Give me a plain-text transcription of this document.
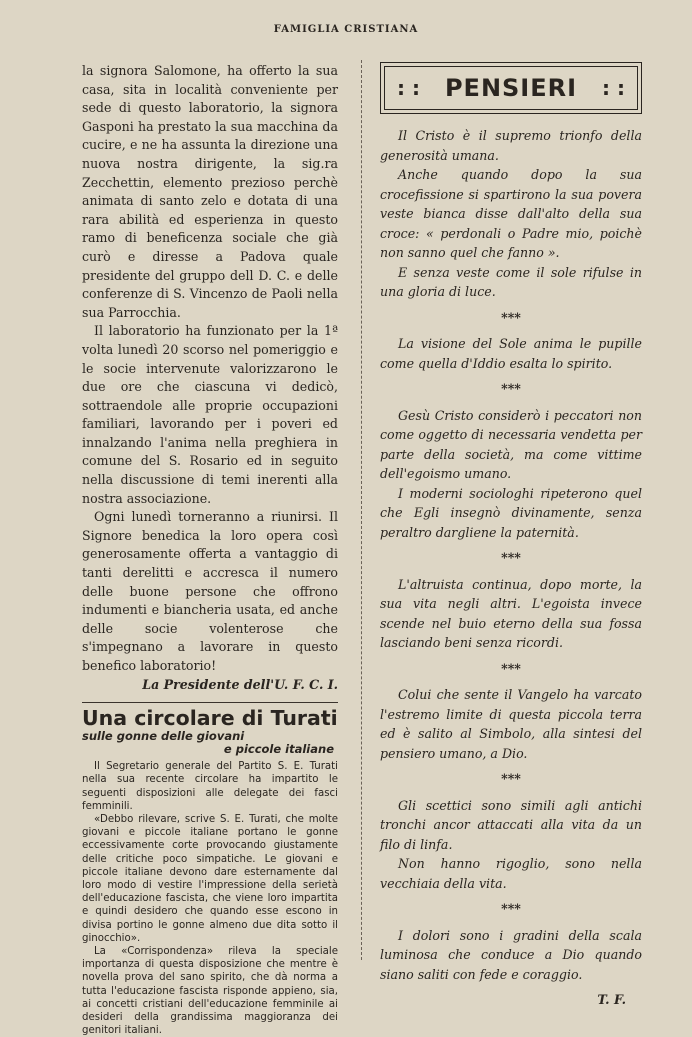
FAMIGLIA CRISTIANA

la signora Salomone, ha offerto la sua casa, sita in località conveniente per sede di questo laboratorio, la signora Gasponi ha prestato la sua macchina da cucire, e ne ha assunta la direzione una nuova nostra dirigente, la sig.ra Zecchettin, elemento prezioso perchè animata di santo zelo e dotata di una rara abilità ed esperienza in questo ramo di beneficenza sociale che già curò e diresse a Padova quale presidente del gruppo dell D. C. e delle conferenze di S. Vincenzo de Paoli nella sua Parrocchia.

Il laboratorio ha funzionato per la 1ª volta lunedì 20 scorso nel pomeriggio e le socie intervenute valorizzarono le due ore che ciascuna vi dedicò, sottraendole alle proprie occupazioni familiari, lavorando per i poveri ed innalzando l'anima nella preghiera in comune del S. Rosario ed in seguito nella discussione di temi inerenti alla nostra associazione.

Ogni lunedì torneranno a riunirsi. Il Signore benedica la loro opera così generosamente offerta a vantaggio di tanti derelitti e accresca il numero delle buone persone che offrono indumenti e biancheria usata, ed anche delle socie volenterose che s'impegnano a lavorare in questo benefico laboratorio!

La Presidente dell'U. F. C. I.

Una circolare di Turati
sulle gonne delle giovani
e piccole italiane

Il Segretario generale del Partito S. E. Turati nella sua recente circolare ha impartito le seguenti disposizioni alle delegate dei fasci femminili.

«Debbo rilevare, scrive S. E. Turati, che molte giovani e piccole italiane portano le gonne eccessivamente corte provocando giustamente delle critiche poco simpatiche. Le giovani e piccole italiane devono dare esternamente dal loro modo di vestire l'impressione della serietà dell'educazione fascista, che viene loro impartita e quindi desidero che quando esse escono in divisa portino le gonne almeno due dita sotto il ginocchio».

La «Corrispondenza» rileva la speciale importanza di questa disposizione che mentre è novella prova del sano spirito, che dà norma a tutta l'educazione fascista risponde appieno, sia, ai concetti cristiani dell'educazione femminile ai desideri della grandissima maggioranza dei genitori italiani.

: : PENSIERI : :

Il Cristo è il supremo trionfo della generosità umana.

Anche quando dopo la sua crocefissione si spartirono la sua povera veste bianca disse dall'alto della sua croce: « perdonali o Padre mio, poichè non sanno quel che fanno ».

E senza veste come il sole rifulse in una gloria di luce.

***

La visione del Sole anima le pupille come quella d'Iddio esalta lo spirito.

***

Gesù Cristo considerò i peccatori non come oggetto di necessaria vendetta per parte della società, ma come vittime dell'egoismo umano.

I moderni sociologhi ripeterono quel che Egli insegnò divinamente, senza peraltro dargliene la paternità.

***

L'altruista continua, dopo morte, la sua vita negli altri. L'egoista invece scende nel buio eterno della sua fossa lasciando beni senza ricordi.

***

Colui che sente il Vangelo ha varcato l'estremo limite di questa piccola terra ed è salito al Simbolo, alla sintesi del pensiero umano, a Dio.

***

Gli scettici sono simili agli antichi tronchi ancor attaccati alla vita da un filo di linfa.

Non hanno rigoglio, sono nella vecchiaia della vita.

***

I dolori sono i gradini della scala luminosa che conduce a Dio quando siano saliti con fede e coraggio.

T. F.
